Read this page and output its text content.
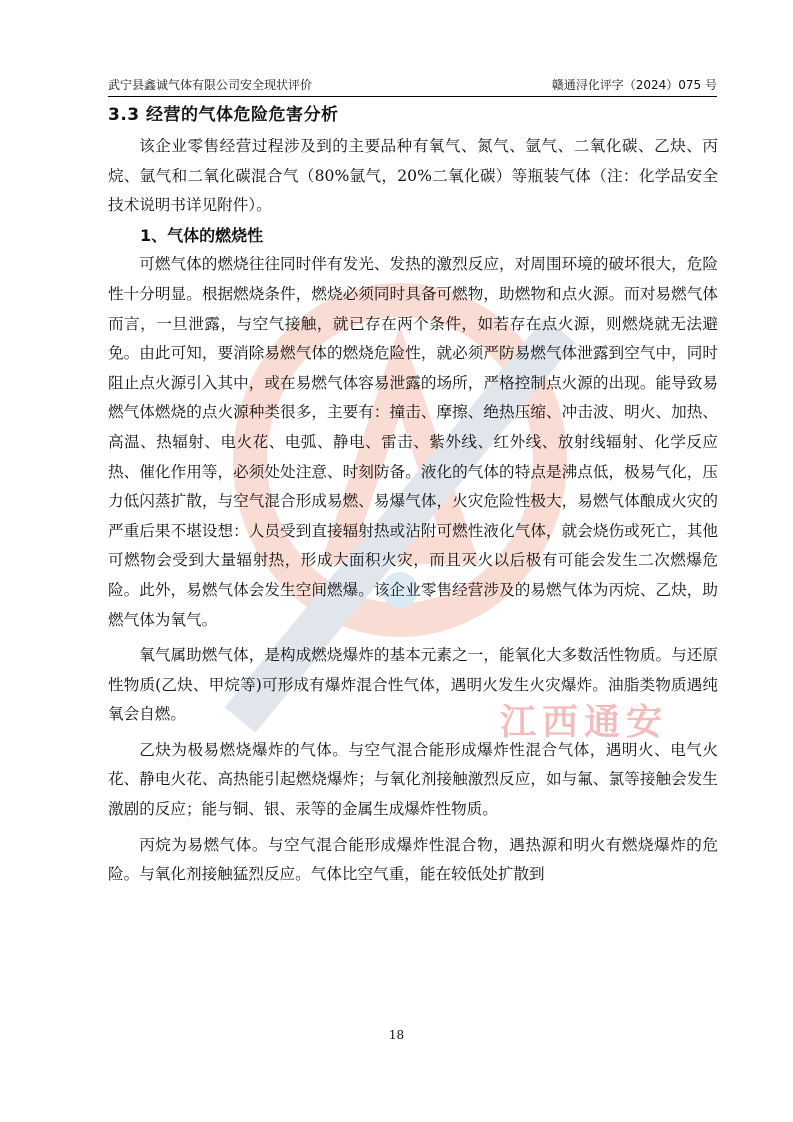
武宁县鑫诚气体有限公司安全现状评价	赣通浔化评字（2024）075 号
江西通安
3.3 经营的气体危险危害分析

该企业零售经营过程涉及到的主要品种有氧气、氮气、氩气、二氧化碳、乙炔、丙烷、氩气和二氧化碳混合气（80%氩气，20%二氧化碳）等瓶装气体（注：化学品安全技术说明书详见附件）。

1、气体的燃烧性

可燃气体的燃烧往往同时伴有发光、发热的激烈反应，对周围环境的破坏很大，危险性十分明显。根据燃烧条件，燃烧必须同时具备可燃物，助燃物和点火源。而对易燃气体而言，一旦泄露，与空气接触，就已存在两个条件，如若存在点火源，则燃烧就无法避免。由此可知，要消除易燃气体的燃烧危险性，就必须严防易燃气体泄露到空气中，同时阻止点火源引入其中，或在易燃气体容易泄露的场所，严格控制点火源的出现。能导致易燃气体燃烧的点火源种类很多，主要有：撞击、摩擦、绝热压缩、冲击波、明火、加热、高温、热辐射、电火花、电弧、静电、雷击、紫外线、红外线、放射线辐射、化学反应热、催化作用等，必须处处注意、时刻防备。液化的气体的特点是沸点低，极易气化，压力低闪蒸扩散，与空气混合形成易燃、易爆气体，火灾危险性极大，易燃气体酿成火灾的严重后果不堪设想：人员受到直接辐射热或沾附可燃性液化气体，就会烧伤或死亡，其他可燃物会受到大量辐射热，形成大面积火灾，而且灭火以后极有可能会发生二次燃爆危险。此外，易燃气体会发生空间燃爆。该企业零售经营涉及的易燃气体为丙烷、乙炔，助燃气体为氧气。

氧气属助燃气体，是构成燃烧爆炸的基本元素之一，能氧化大多数活性物质。与还原性物质(乙炔、甲烷等)可形成有爆炸混合性气体，遇明火发生火灾爆炸。油脂类物质遇纯氧会自燃。

乙炔为极易燃烧爆炸的气体。与空气混合能形成爆炸性混合气体，遇明火、电气火花、静电火花、高热能引起燃烧爆炸；与氧化剂接触激烈反应，如与氟、氯等接触会发生激剧的反应；能与铜、银、汞等的金属生成爆炸性物质。

丙烷为易燃气体。与空气混合能形成爆炸性混合物，遇热源和明火有燃烧爆炸的危险。与氧化剂接触猛烈反应。气体比空气重，能在较低处扩散到

18
